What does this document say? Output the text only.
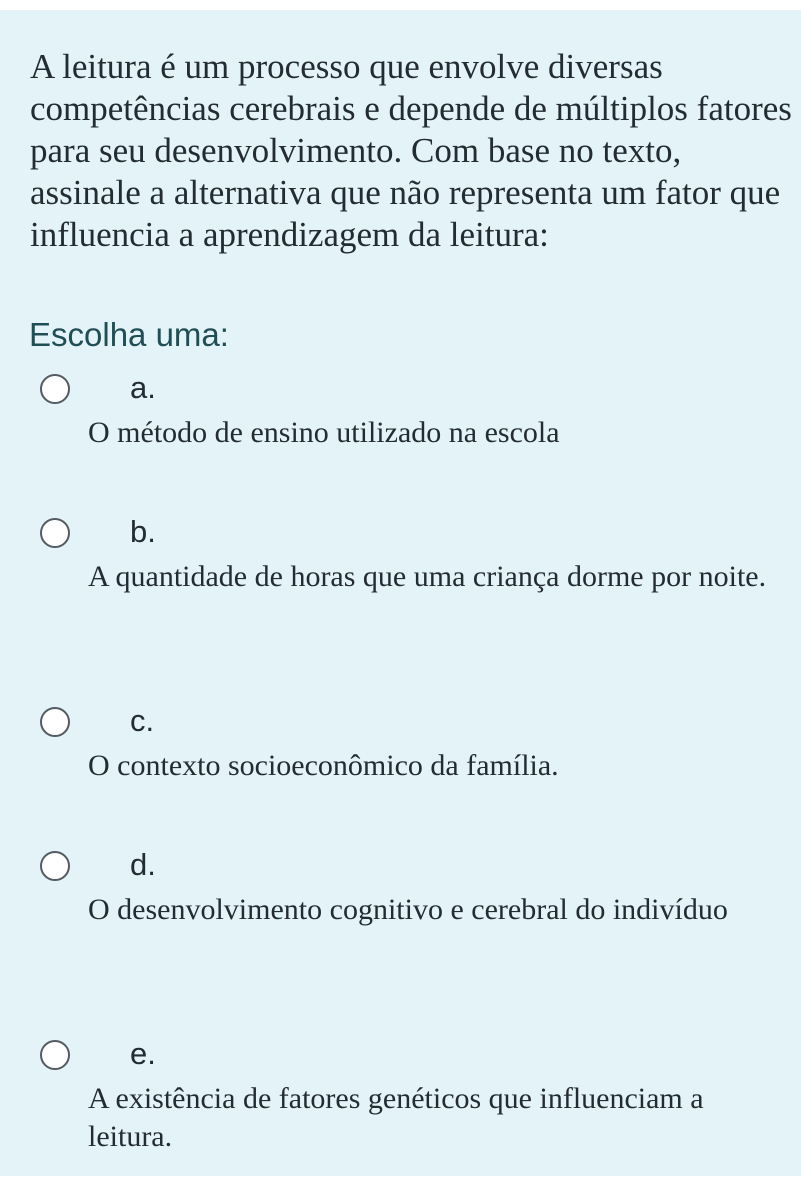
A leitura é um processo que envolve diversas competências cerebrais e depende de múltiplos fatores para seu desenvolvimento. Com base no texto, assinale a alternativa que não representa um fator que influencia a aprendizagem da leitura:

Escolha uma:
a.
O método de ensino utilizado na escola
b.
A quantidade de horas que uma criança dorme por noite.
c.
O contexto socioeconômico da família.
d.
O desenvolvimento cognitivo e cerebral do indivíduo
e.
A existência de fatores genéticos que influenciam a leitura.
